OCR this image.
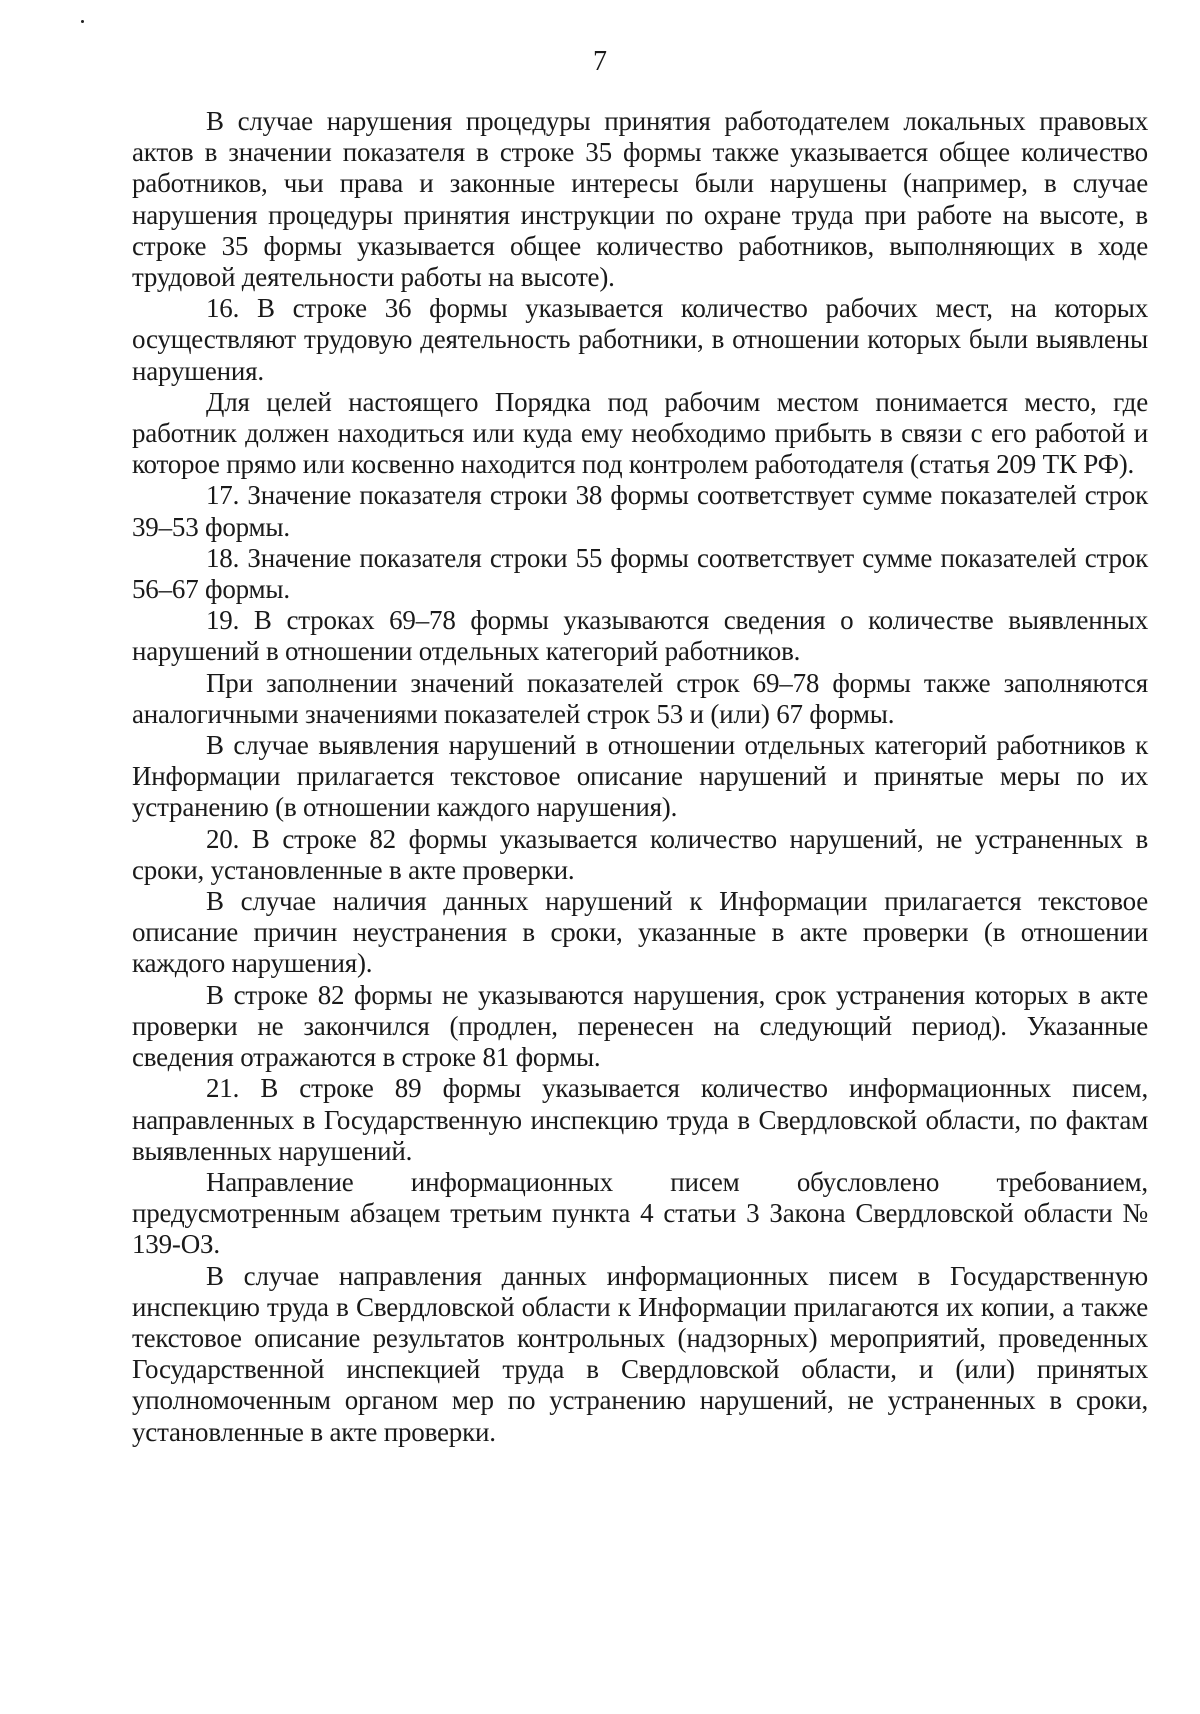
7

В случае нарушения процедуры принятия работодателем локальных правовых актов в значении показателя в строке 35 формы также указывается общее количество работников, чьи права и законные интересы были нарушены (например, в случае нарушения процедуры принятия инструкции по охране труда при работе на высоте, в строке 35 формы указывается общее количество работников, выполняющих в ходе трудовой деятельности работы на высоте).

16. В строке 36 формы указывается количество рабочих мест, на которых осуществляют трудовую деятельность работники, в отношении которых были выявлены нарушения.

Для целей настоящего Порядка под рабочим местом понимается место, где работник должен находиться или куда ему необходимо прибыть в связи с его работой и которое прямо или косвенно находится под контролем работодателя (статья 209 ТК РФ).

17. Значение показателя строки 38 формы соответствует сумме показателей строк 39–53 формы.

18. Значение показателя строки 55 формы соответствует сумме показателей строк 56–67 формы.

19. В строках 69–78 формы указываются сведения о количестве выявленных нарушений в отношении отдельных категорий работников.

При заполнении значений показателей строк 69–78 формы также заполняются аналогичными значениями показателей строк 53 и (или) 67 формы.

В случае выявления нарушений в отношении отдельных категорий работников к Информации прилагается текстовое описание нарушений и принятые меры по их устранению (в отношении каждого нарушения).

20. В строке 82 формы указывается количество нарушений, не устраненных в сроки, установленные в акте проверки.

В случае наличия данных нарушений к Информации прилагается текстовое описание причин неустранения в сроки, указанные в акте проверки (в отношении каждого нарушения).

В строке 82 формы не указываются нарушения, срок устранения которых в акте проверки не закончился (продлен, перенесен на следующий период). Указанные сведения отражаются в строке 81 формы.

21. В строке 89 формы указывается количество информационных писем, направленных в Государственную инспекцию труда в Свердловской области, по фактам выявленных нарушений.

Направление информационных писем обусловлено требованием, предусмотренным абзацем третьим пункта 4 статьи 3 Закона Свердловской области № 139-ОЗ.

В случае направления данных информационных писем в Государственную инспекцию труда в Свердловской области к Информации прилагаются их копии, а также текстовое описание результатов контрольных (надзорных) мероприятий, проведенных Государственной инспекцией труда в Свердловской области, и (или) принятых уполномоченным органом мер по устранению нарушений, не устраненных в сроки, установленные в акте проверки.
